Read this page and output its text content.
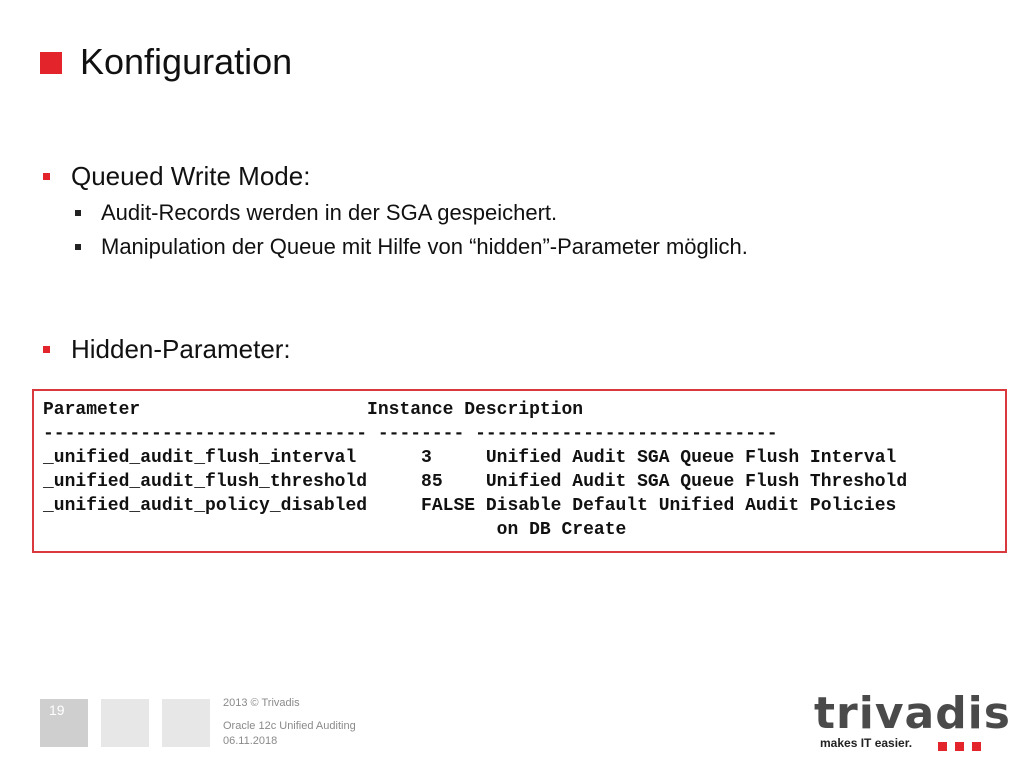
Konfiguration
Queued Write Mode:
Audit-Records werden in der SGA gespeichert.
Manipulation der Queue mit Hilfe von “hidden”-Parameter möglich.
Hidden-Parameter:
Parameter                     Instance Description
------------------------------ -------- ----------------------------
_unified_audit_flush_interval      3     Unified Audit SGA Queue Flush Interval
_unified_audit_flush_threshold     85    Unified Audit SGA Queue Flush Threshold
_unified_audit_policy_disabled     FALSE Disable Default Unified Audit Policies
on DB Create
19	2013 © Trivadis
Oracle 12c Unified Auditing
06.11.2018
trivadis
makes IT easier.
